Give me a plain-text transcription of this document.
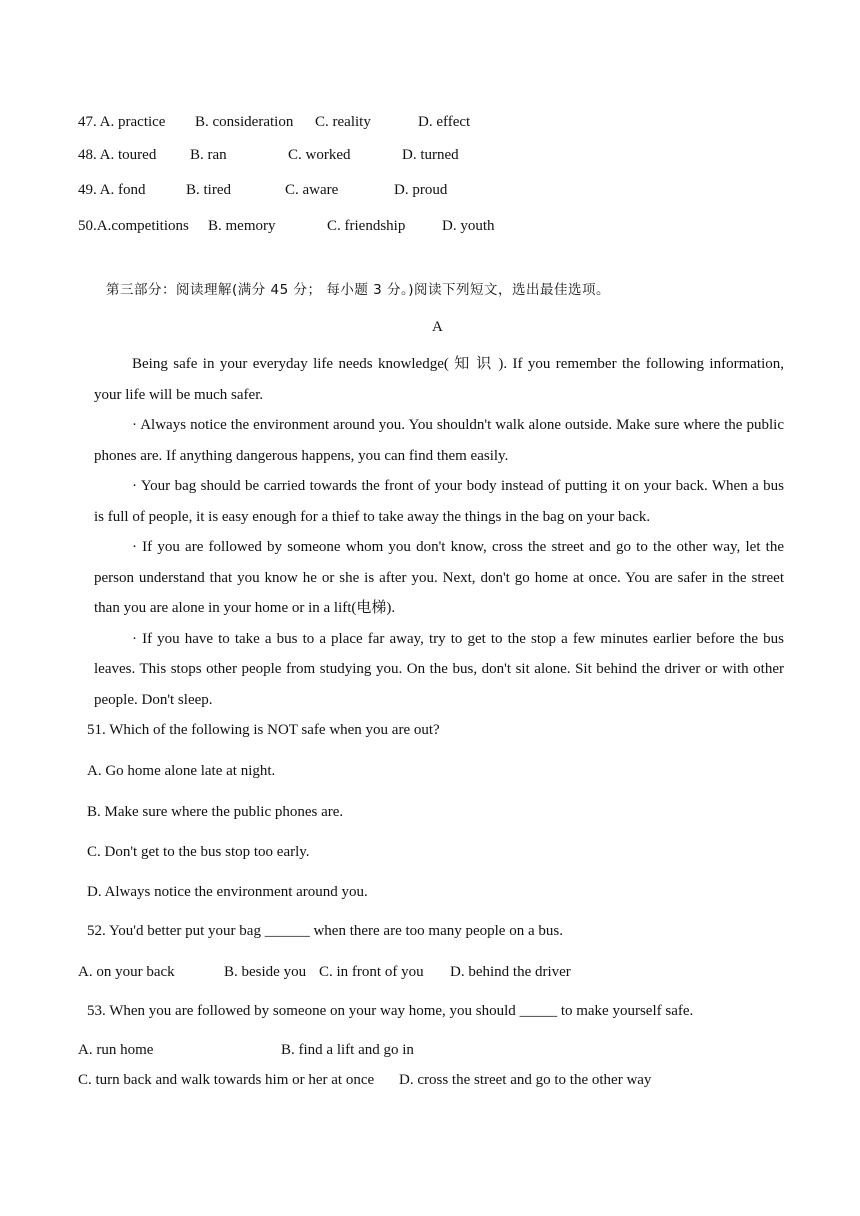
47. A. practice B. consideration C. reality	D. effect
48. A. toured B. ran	C. worked	D. turned
49. A. fond	B. tired	C. aware	D. proud
50.A.competitions B. memory	C. friendship D. youth
第三部分：阅读理解(满分 45 分； 每小题 3 分。)阅读下列短文，选出最佳选项。
A

Being safe in your everyday life needs knowledge( 知 识 ). If you remember the following information, your life will be much safer.

· Always notice the environment around you. You shouldn't walk alone outside. Make sure where the public phones are. If anything dangerous happens, you can find them easily.

· Your bag should be carried towards the front of your body instead of putting it on your back. When a bus is full of people, it is easy enough for a thief to take away the things in the bag on your back.

· If you are followed by someone whom you don't know, cross the street and go to the other way, let the person understand that you know he or she is after you. Next, don't go home at once. You are safer in the street than you are alone in your home or in a lift(电梯).

· If you have to take a bus to a place far away, try to get to the stop a few minutes earlier before the bus leaves. This stops other people from studying you. On the bus, don't sit alone. Sit behind the driver or with other people. Don't sleep.

51. Which of the following is NOT safe when you are out?
A. Go home alone late at night.
B. Make sure where the public phones are.
C. Don't get to the bus stop too early.
D. Always notice the environment around you.
52. You'd better put your bag ______ when there are too many people on a bus.
A. on your back	B. beside you C. in front of you D. behind the driver
53. When you are followed by someone on your way home, you should _____ to make yourself safe.
A. run home	B. find a lift and go in
C. turn back and walk towards him or her at once D. cross the street and go to the other way
